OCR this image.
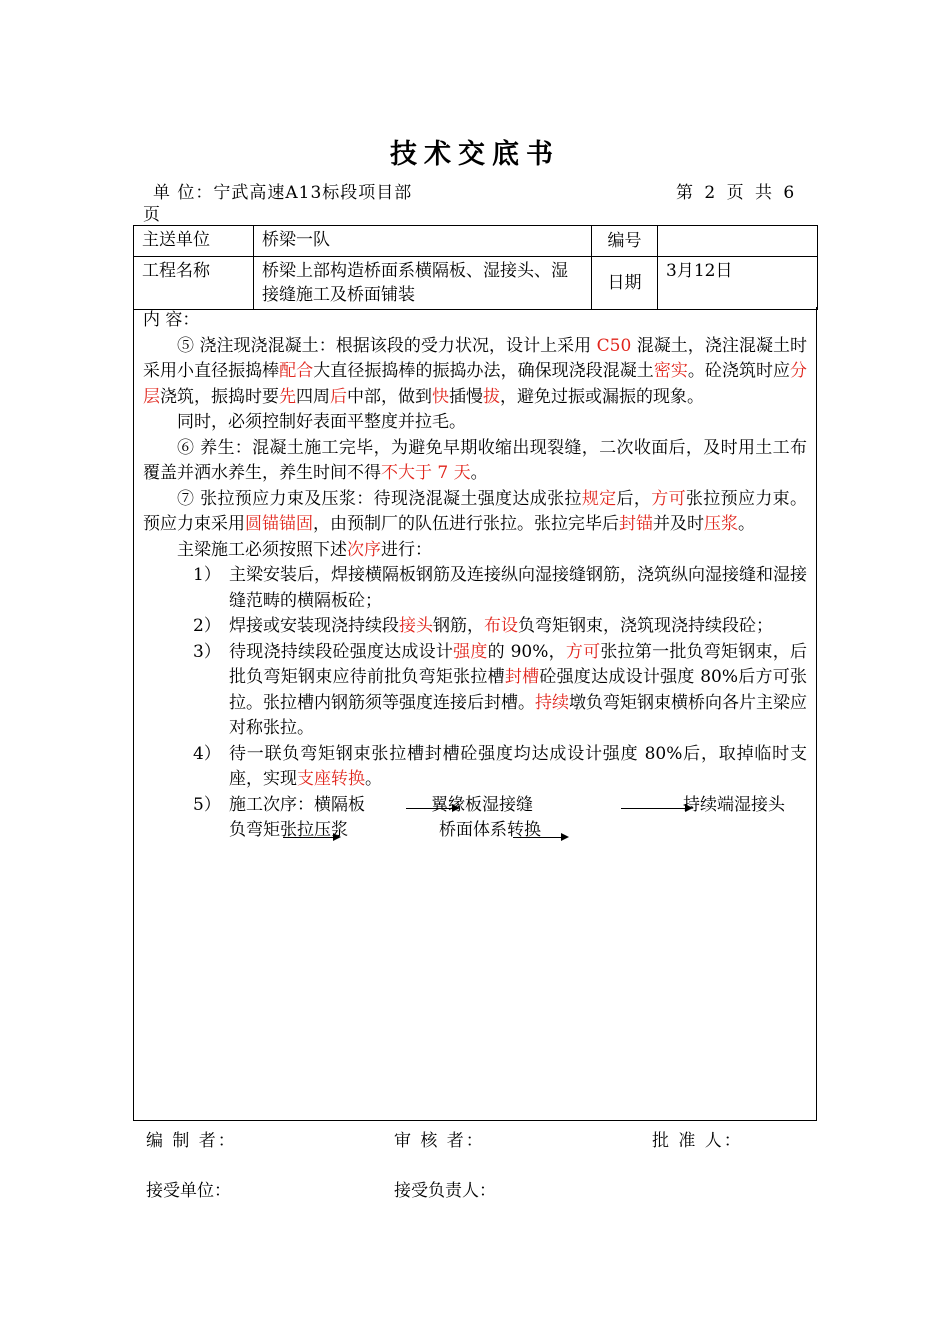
技术交底书
单 位：宁武高速A13标段项目部	第 2 页 共 6
页
主送单位	桥梁一队	编号	
工程名称	桥梁上部构造桥面系横隔板、湿接头、湿接缝施工及桥面铺装	日期	3月12日

内 容：

⑤ 浇注现浇混凝土：根据该段的受力状况，设计上采用 C50 混凝土，浇注混凝土时采用小直径振捣棒配合大直径振捣棒的振捣办法，确保现浇段混凝土密实。砼浇筑时应分层浇筑，振捣时要先四周后中部，做到快插慢拔，避免过振或漏振的现象。

同时，必须控制好表面平整度并拉毛。

⑥ 养生：混凝土施工完毕，为避免早期收缩出现裂缝，二次收面后，及时用土工布覆盖并洒水养生，养生时间不得不大于 7 天。

⑦ 张拉预应力束及压浆：待现浇混凝土强度达成张拉规定后，方可张拉预应力束。预应力束采用圆锚锚固，由预制厂的队伍进行张拉。张拉完毕后封锚并及时压浆。

主梁施工必须按照下述次序进行：

1） 主梁安装后，焊接横隔板钢筋及连接纵向湿接缝钢筋，浇筑纵向湿接缝和湿接缝范畴的横隔板砼；
2） 焊接或安装现浇持续段接头钢筋，布设负弯矩钢束，浇筑现浇持续段砼；
3） 待现浇持续段砼强度达成设计强度的 90%，方可张拉第一批负弯矩钢束，后批负弯矩钢束应待前批负弯矩张拉槽封槽砼强度达成设计强度 80%后方可张拉。张拉槽内钢筋须等强度连接后封槽。持续墩负弯矩钢束横桥向各片主梁应对称张拉。
4） 待一联负弯矩钢束张拉槽封槽砼强度均达成设计强度 80%后，取掉临时支座，实现支座转换。
5） 施工次序：横隔板	翼缘板湿接缝	持续端湿接头
负弯矩张拉压浆	桥面体系转换
编 制 者：	审 核 者：	批 准 人：
接受单位：	接受负责人：
